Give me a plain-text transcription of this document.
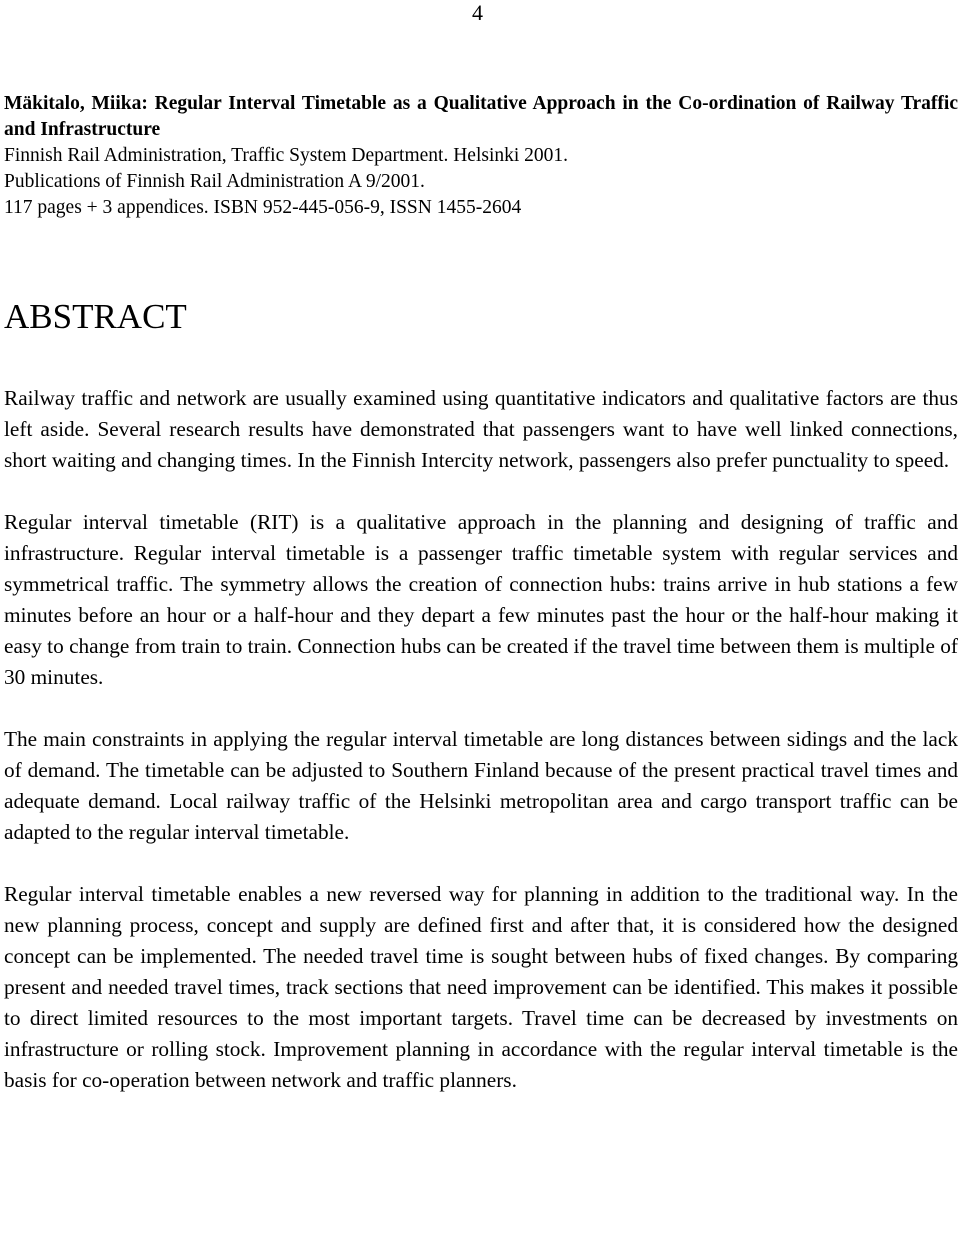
4

Mäkitalo, Miika: Regular Interval Timetable as a Qualitative Approach in the Co-ordination of Railway Traffic and Infrastructure

Finnish Rail Administration, Traffic System Department. Helsinki 2001.

Publications of Finnish Rail Administration A 9/2001.

117 pages + 3 appendices. ISBN 952-445-056-9, ISSN 1455-2604

ABSTRACT

Railway traffic and network are usually examined using quantitative indicators and qualitative factors are thus left aside. Several research results have demonstrated that passengers want to have well linked connections, short waiting and changing times. In the Finnish Intercity network, passengers also prefer punctuality to speed.

Regular interval timetable (RIT) is a qualitative approach in the planning and designing of traffic and infrastructure. Regular interval timetable is a passenger traffic timetable system with regular services and symmetrical traffic. The symmetry allows the creation of connection hubs: trains arrive in hub stations a few minutes before an hour or a half-hour and they depart a few minutes past the hour or the half-hour making it easy to change from train to train. Connection hubs can be created if the travel time between them is multiple of 30 minutes.

The main constraints in applying the regular interval timetable are long distances between sidings and the lack of demand. The timetable can be adjusted to Southern Finland because of the present practical travel times and adequate demand. Local railway traffic of the Helsinki metropolitan area and cargo transport traffic can be adapted to the regular interval timetable.

Regular interval timetable enables a new reversed way for planning in addition to the traditional way. In the new planning process, concept and supply are defined first and after that, it is considered how the designed concept can be implemented. The needed travel time is sought between hubs of fixed changes. By comparing present and needed travel times, track sections that need improvement can be identified. This makes it possible to direct limited resources to the most important targets. Travel time can be decreased by investments on infrastructure or rolling stock. Improvement planning in accordance with the regular interval timetable is the basis for co-operation between network and traffic planners.
